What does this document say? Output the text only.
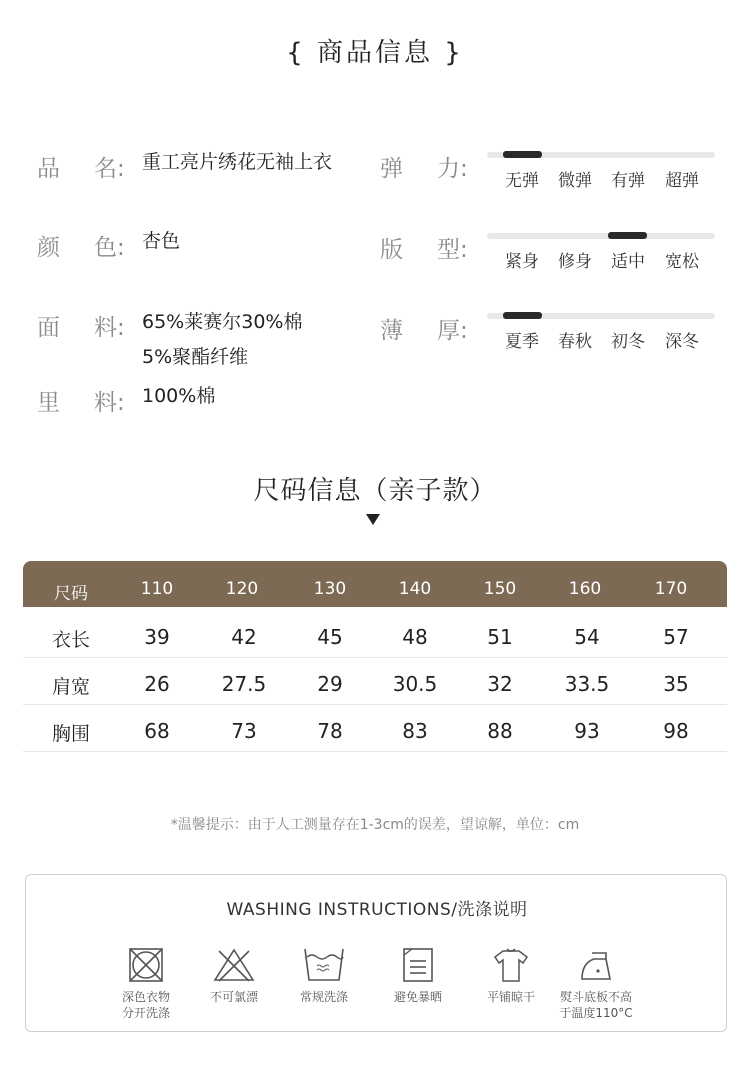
{ 商品信息 }
品 名: 重工亮片绣花无袖上衣
颜 色: 杏色
面 料: 65%莱赛尔30%棉
5%聚酯纤维
里 料: 100%棉
弹 力:	无弹	微弹	有弹	超弹
版 型:	紧身	修身	适中	宽松
薄 厚:	夏季	春秋	初冬	深冬
尺码信息（亲子款）
尺码	110	120	130	140	150	160	170
衣长	39	42	45	48	51	54	57
肩宽	26	27.5	29	30.5	32	33.5	35
胸围	68	73	78	83	88	93	98
*温馨提示：由于人工测量存在1-3cm的误差，望谅解，单位：cm
WASHING INSTRUCTIONS/洗涤说明
深色衣物
分开洗涤
不可氯漂	常规洗涤	避免暴晒	平铺晾干	熨斗底板不高
于温度110°C
